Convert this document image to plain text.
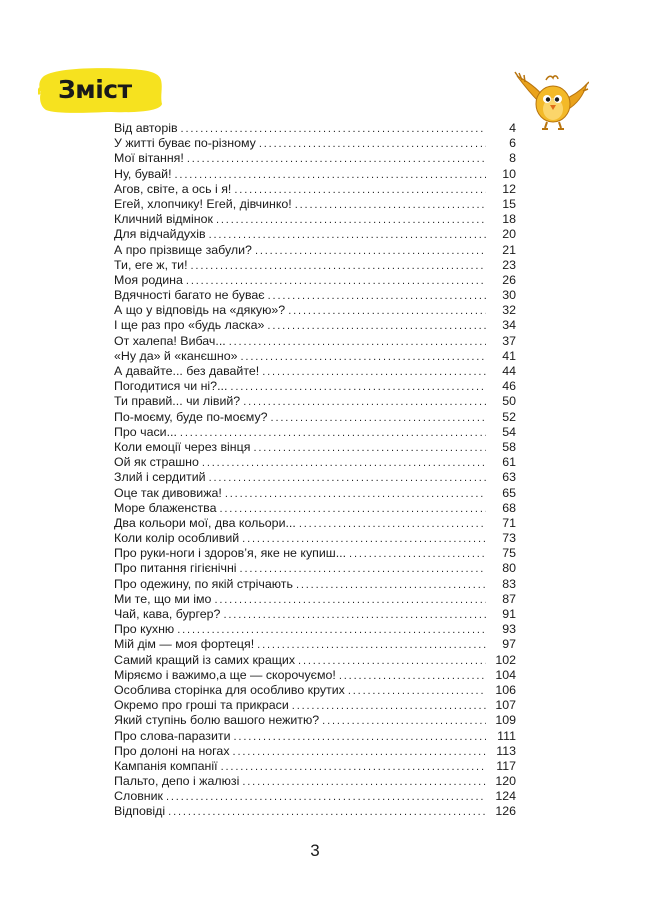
Зміст
Від авторів . . .	4
У житті буває по-різному . . .	6
Мої вітання! . . .	8
Ну, бувай! . . .	10
Агов, світе, а ось і я! . . .	12
Егей, хлопчику! Егей, дівчинко! . . .	15
Кличний відмінок . . .	18
Для відчайдухів . . .	20
А про прізвище забули? . . .	21
Ти, еге ж, ти! . . .	23
Моя родина . . .	26
Вдячності багато не буває . . .	30
А що у відповідь на «дякую»? . . .	32
І ще раз про «будь ласка» . . .	34
От халепа! Вибач... . . .	37
«Ну да» й «канєшно» . . .	41
А давайте... без давайте! . . .	44
Погодитися чи ні?... . . .	46
Ти правий... чи лівий? . . .	50
По-моєму, буде по-моєму? . . .	52
Про часи... . . .	54
Коли емоції через вінця . . .	58
Ой як страшно . . .	61
Злий і сердитий . . .	63
Оце так дивовижа! . . .	65
Море блаженства . . .	68
Два кольори мої, два кольори... . . .	71
Коли колір особливий . . .	73
Про руки-ноги і здоров’я, яке не купиш... . . .	75
Про питання гігієнічні . . .	80
Про одежину, по якій стрічають . . .	83
Ми те, що ми імо . . .	87
Чай, кава, бургер? . . .	91
Про кухню . . .	93
Мій дім — моя фортеця! . . .	97
Самий кращий із самих кращих . . .	102
Міряємо і важимо,а ще — скорочуємо! . . .	104
Особлива сторінка для особливо крутих . . .	106
Окремо про гроші та прикраси . . .	107
Який ступінь болю вашого нежитю? . . .	109
Про слова-паразити . . .	111
Про долоні на ногах . . .	113
Кампанія компанії . . .	117
Пальто, депо і жалюзі . . .	120
Словник . . .	124
Відповіді . . .	126
3
